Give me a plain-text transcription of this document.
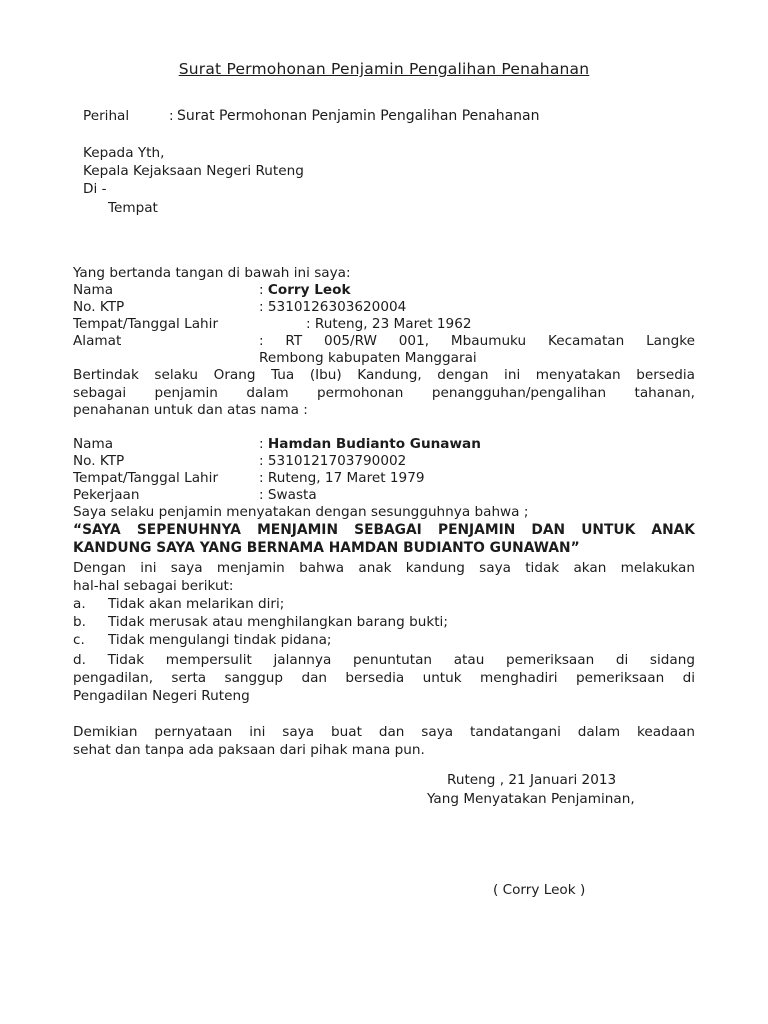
Surat Permohonan Penjamin Pengalihan Penahanan
Perihal	: Surat Permohonan Penjamin Pengalihan Penahanan
Kepada Yth,
Kepala Kejaksaan Negeri Ruteng
Di -
Tempat
Yang bertanda tangan di bawah ini saya:
Nama	: Corry Leok
No. KTP	: 5310126303620004
Tempat/Tanggal Lahir	: Ruteng, 23 Maret 1962
Alamat	: RT 005/RW 001, Mbaumuku Kecamatan Langke
Rembong kabupaten Manggarai
Bertindak selaku Orang Tua (Ibu) Kandung, dengan ini menyatakan bersedia
sebagai penjamin dalam permohonan penangguhan/pengalihan tahanan,
penahanan untuk dan atas nama :
Nama	: Hamdan Budianto Gunawan
No. KTP	: 5310121703790002
Tempat/Tanggal Lahir	: Ruteng, 17 Maret 1979
Pekerjaan	: Swasta
Saya selaku penjamin menyatakan dengan sesungguhnya bahwa ;
“SAYA SEPENUHNYA MENJAMIN SEBAGAI PENJAMIN DAN UNTUK ANAK
KANDUNG SAYA YANG BERNAMA HAMDAN BUDIANTO GUNAWAN”
Dengan ini saya menjamin bahwa anak kandung saya tidak akan melakukan
hal-hal sebagai berikut:
a. Tidak akan melarikan diri;
b. Tidak merusak atau menghilangkan barang bukti;
c. Tidak mengulangi tindak pidana;
d. Tidak mempersulit jalannya penuntutan atau pemeriksaan di sidang
pengadilan, serta sanggup dan bersedia untuk menghadiri pemeriksaan di
Pengadilan Negeri Ruteng
Demikian pernyataan ini saya buat dan saya tandatangani dalam keadaan
sehat dan tanpa ada paksaan dari pihak mana pun.
Ruteng , 21 Januari 2013
Yang Menyatakan Penjaminan,
( Corry Leok )
